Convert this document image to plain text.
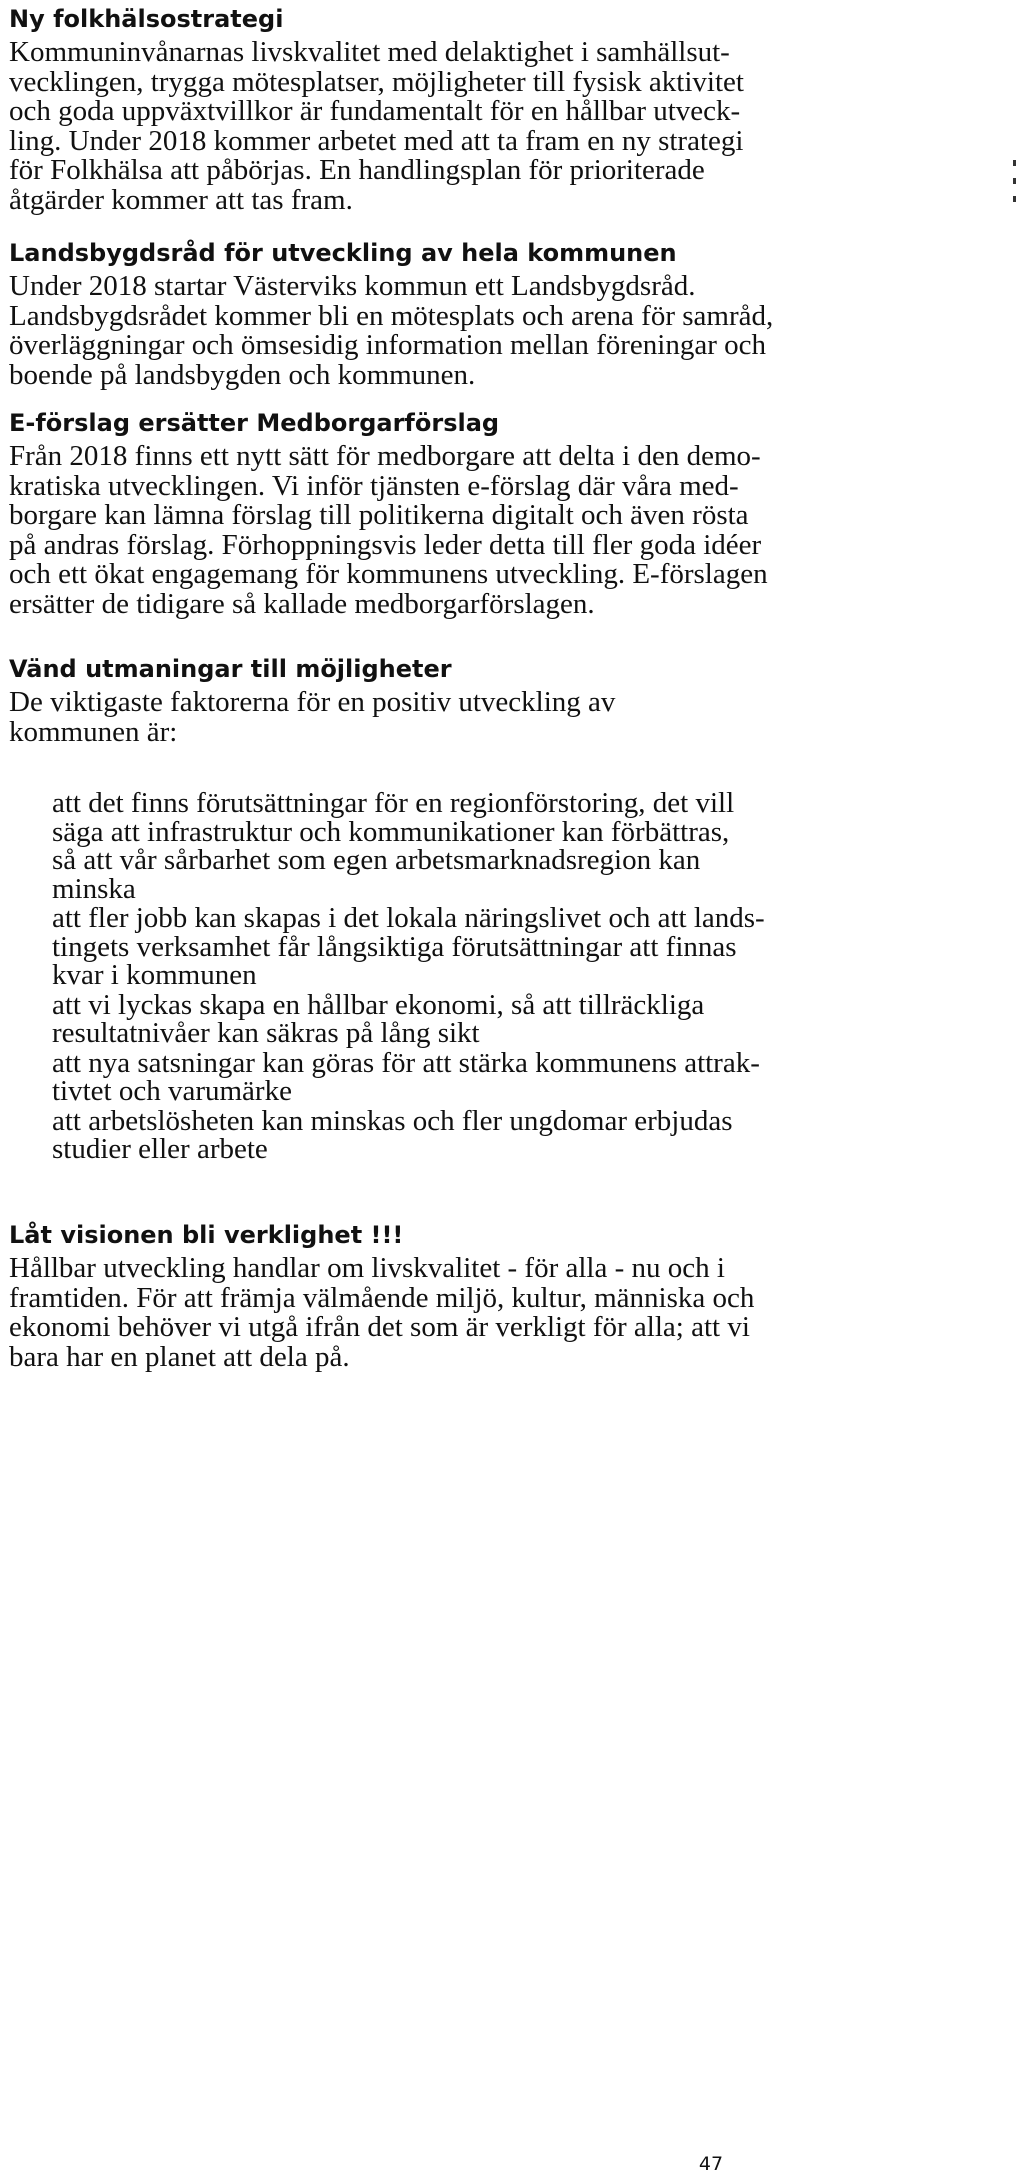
Ny folkhälsostrategi

Kommuninvånarnas livskvalitet med delaktighet i samhällsut-
vecklingen, trygga mötesplatser, möjligheter till fysisk aktivitet
och goda uppväxtvillkor är fundamentalt för en hållbar utveck-
ling. Under 2018 kommer arbetet med att ta fram en ny strategi
för Folkhälsa att påbörjas. En handlingsplan för prioriterade
åtgärder kommer att tas fram.

Landsbygdsråd för utveckling av hela kommunen

Under 2018 startar Västerviks kommun ett Landsbygdsråd.
Landsbygdsrådet kommer bli en mötesplats och arena för samråd,
överläggningar och ömsesidig information mellan föreningar och
boende på landsbygden och kommunen.

E-förslag ersätter Medborgarförslag

Från 2018 finns ett nytt sätt för medborgare att delta i den demo-
kratiska utvecklingen. Vi inför tjänsten e-förslag där våra med-
borgare kan lämna förslag till politikerna digitalt och även rösta
på andras förslag. Förhoppningsvis leder detta till fler goda idéer
och ett ökat engagemang för kommunens utveckling. E-förslagen
ersätter de tidigare så kallade medborgarförslagen.

Vänd utmaningar till möjligheter

De viktigaste faktorerna för en positiv utveckling av
kommunen är:

att det finns förutsättningar för en regionförstoring, det vill
säga att infrastruktur och kommunikationer kan förbättras,
så att vår sårbarhet som egen arbetsmarknadsregion kan
minska
att fler jobb kan skapas i det lokala näringslivet och att lands-
tingets verksamhet får långsiktiga förutsättningar att finnas
kvar i kommunen
att vi lyckas skapa en hållbar ekonomi, så att tillräckliga
resultatnivåer kan säkras på lång sikt
att nya satsningar kan göras för att stärka kommunens attrak-
tivtet och varumärke
att arbetslösheten kan minskas och fler ungdomar erbjudas
studier eller arbete
Låt visionen bli verklighet !!!

Hållbar utveckling handlar om livskvalitet - för alla - nu och i
framtiden. För att främja välmående miljö, kultur, människa och
ekonomi behöver vi utgå ifrån det som är verkligt för alla; att vi
bara har en planet att dela på.

47
